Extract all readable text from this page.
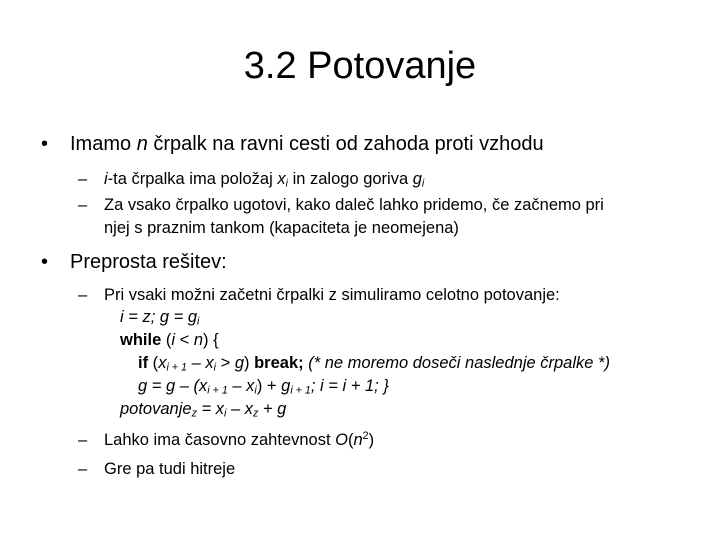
3.2 Potovanje
• Imamo n črpalk na ravni cesti od zahoda proti vzhodu
– i-ta črpalka ima položaj $x_i$ in zalogo goriva $g_i$
– Za vsako črpalko ugotovi, kako daleč lahko pridemo, če začnemo pri
njej s praznim tankom (kapaciteta je neomejena)
• Preprosta rešitev:
– Pri vsaki možni začetni črpalki z simuliramo celotno potovanje:
i = z; $g = g_i$
while (i < n) {
if $(x_{i + 1} - x_i > g)$ break; (* ne moremo doseči naslednje črpalke *)
$g = g - (x_{i + 1} - x_i) + g_{i + 1}$; i = i + 1; }
potovanje$_z$ = $x_i - x_z + g$
– Lahko ima časovno zahtevnost $O(n^2)$
– Gre pa tudi hitreje
